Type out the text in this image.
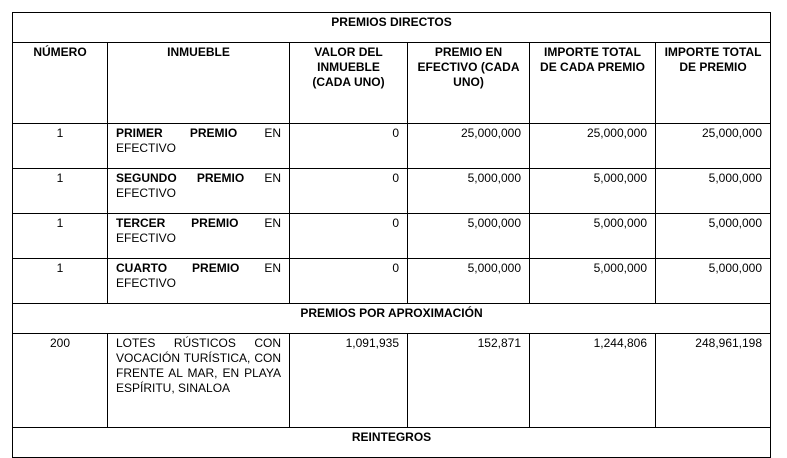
PREMIOS DIRECTOS					
NÚMERO	INMUEBLE	VALOR DEL INMUEBLE (CADA UNO)	PREMIO EN EFECTIVO (CADA UNO)	IMPORTE TOTAL DE CADA PREMIO	IMPORTE TOTAL DE PREMIO
1	PRIMER PREMIO EN EFECTIVO	0	25,000,000	25,000,000	25,000,000
1	SEGUNDO PREMIO EN EFECTIVO	0	5,000,000	5,000,000	5,000,000
1	TERCER PREMIO EN EFECTIVO	0	5,000,000	5,000,000	5,000,000
1	CUARTO PREMIO EN EFECTIVO	0	5,000,000	5,000,000	5,000,000
PREMIOS POR APROXIMACIÓN					
200	LOTES RÚSTICOS CON VOCACIÓN TURÍSTICA, CON FRENTE AL MAR, EN PLAYA ESPÍRITU, SINALOA	1,091,935	152,871	1,244,806	248,961,198
REINTEGROS					
